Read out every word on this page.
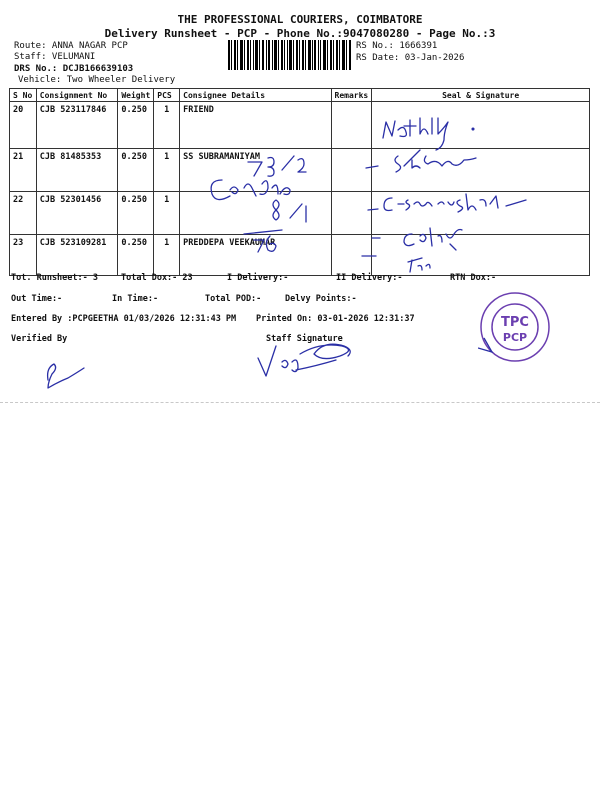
THE PROFESSIONAL COURIERS, COIMBATORE
Delivery Runsheet - PCP - Phone No.:9047080280 - Page No.:3
Route: ANNA NAGAR PCP
Staff: VELUMANI
DRS No.: DCJB166639103
Vehicle: Two Wheeler Delivery
RS No.: 1666391
RS Date: 03-Jan-2026
S No	Consignment No	Weight	PCS	Consignee Details	Remarks	Seal & Signature
20	CJB 523117846	0.250	1	FRIEND		
21	CJB 81485353	0.250	1	SS SUBRAMANIYAM		
22	CJB 52301456	0.250	1			
23	CJB 523109281	0.250	1	PREDDEPA VEEKAUMAR		
Tot. Runsheet:- 3	Total Dox:- 23	I Delivery:-	II Delivery:-	RTN Dox:-
Out Time:-	In Time:-	Total POD:-	Delvy Points:-
Entered By :PCPGEETHA 01/03/2026 12:31:43 PM Printed On: 03-01-2026 12:31:37
Verified By	Staff Signature
TPC
PCP
